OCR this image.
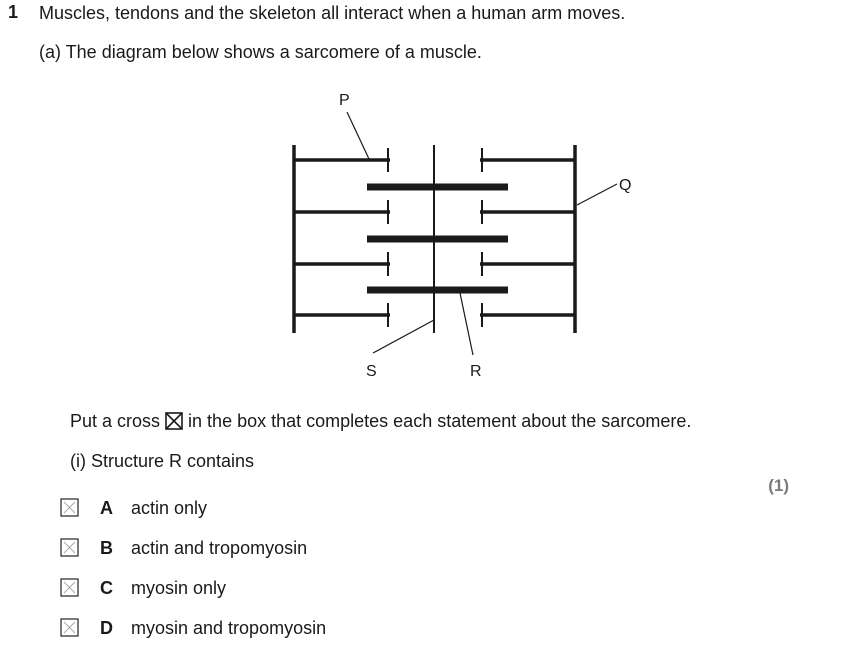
1 Muscles, tendons and the skeleton all interact when a human arm moves.
(a) The diagram below shows a sarcomere of a muscle.
P
Q
S	R
Put a cross ☒ in the box that completes each statement about the sarcomere.
(i) Structure R contains
(1)
A actin only
B actin and tropomyosin
C myosin only
D myosin and tropomyosin
